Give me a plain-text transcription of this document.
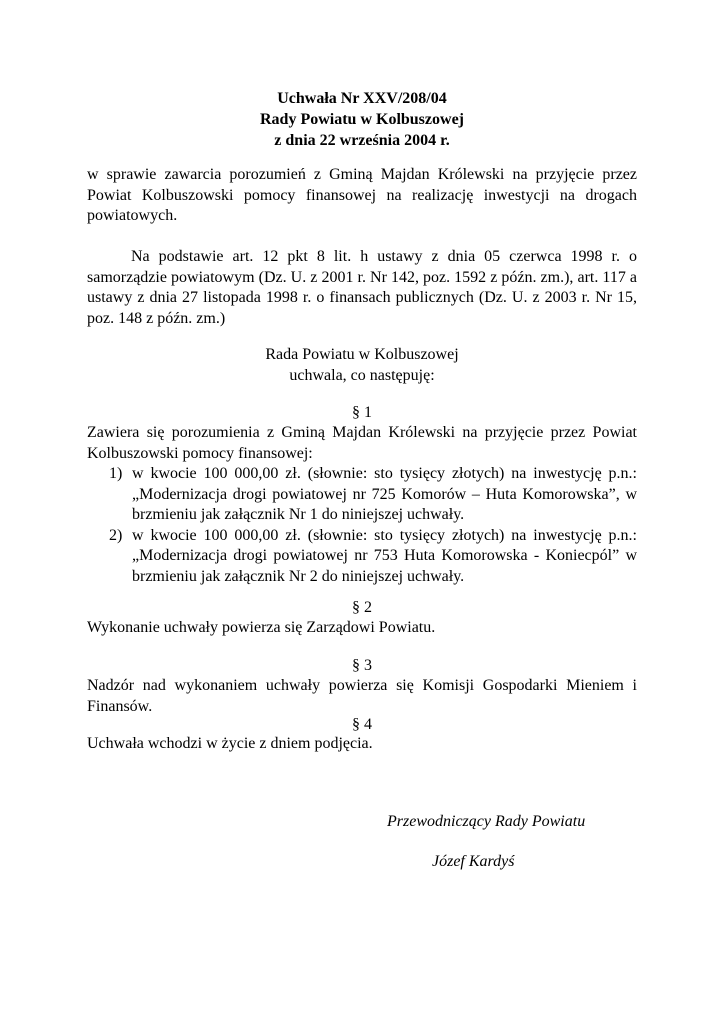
Uchwała Nr XXV/208/04
Rady Powiatu w Kolbuszowej
z dnia 22 września 2004 r.

w sprawie zawarcia porozumień z Gminą Majdan Królewski na przyjęcie przez Powiat Kolbuszowski pomocy finansowej na realizację inwestycji na drogach powiatowych.

Na podstawie art. 12 pkt 8 lit. h ustawy z dnia 05 czerwca 1998 r. o samorządzie powiatowym (Dz. U. z 2001 r. Nr 142, poz. 1592 z późn. zm.), art. 117 a ustawy z dnia 27 listopada 1998 r. o finansach publicznych (Dz. U. z 2003 r. Nr 15, poz. 148 z późn. zm.)

Rada Powiatu w Kolbuszowej
uchwala, co następuję:
§ 1

Zawiera się porozumienia z Gminą Majdan Królewski na przyjęcie przez Powiat Kolbuszowski pomocy finansowej:

1) w kwocie 100 000,00 zł. (słownie: sto tysięcy złotych) na inwestycję p.n.: „Modernizacja drogi powiatowej nr 725 Komorów – Huta Komorowska”, w brzmieniu jak załącznik Nr 1 do niniejszej uchwały.
2) w kwocie 100 000,00 zł. (słownie: sto tysięcy złotych) na inwestycję p.n.: „Modernizacja drogi powiatowej nr 753 Huta Komorowska - Koniecpól” w brzmieniu jak załącznik Nr 2 do niniejszej uchwały.
§ 2
Wykonanie uchwały powierza się Zarządowi Powiatu.
§ 3

Nadzór nad wykonaniem uchwały powierza się Komisji Gospodarki Mieniem i Finansów.

§ 4
Uchwała wchodzi w życie z dniem podjęcia.
Przewodniczący Rady Powiatu
Józef Kardyś
